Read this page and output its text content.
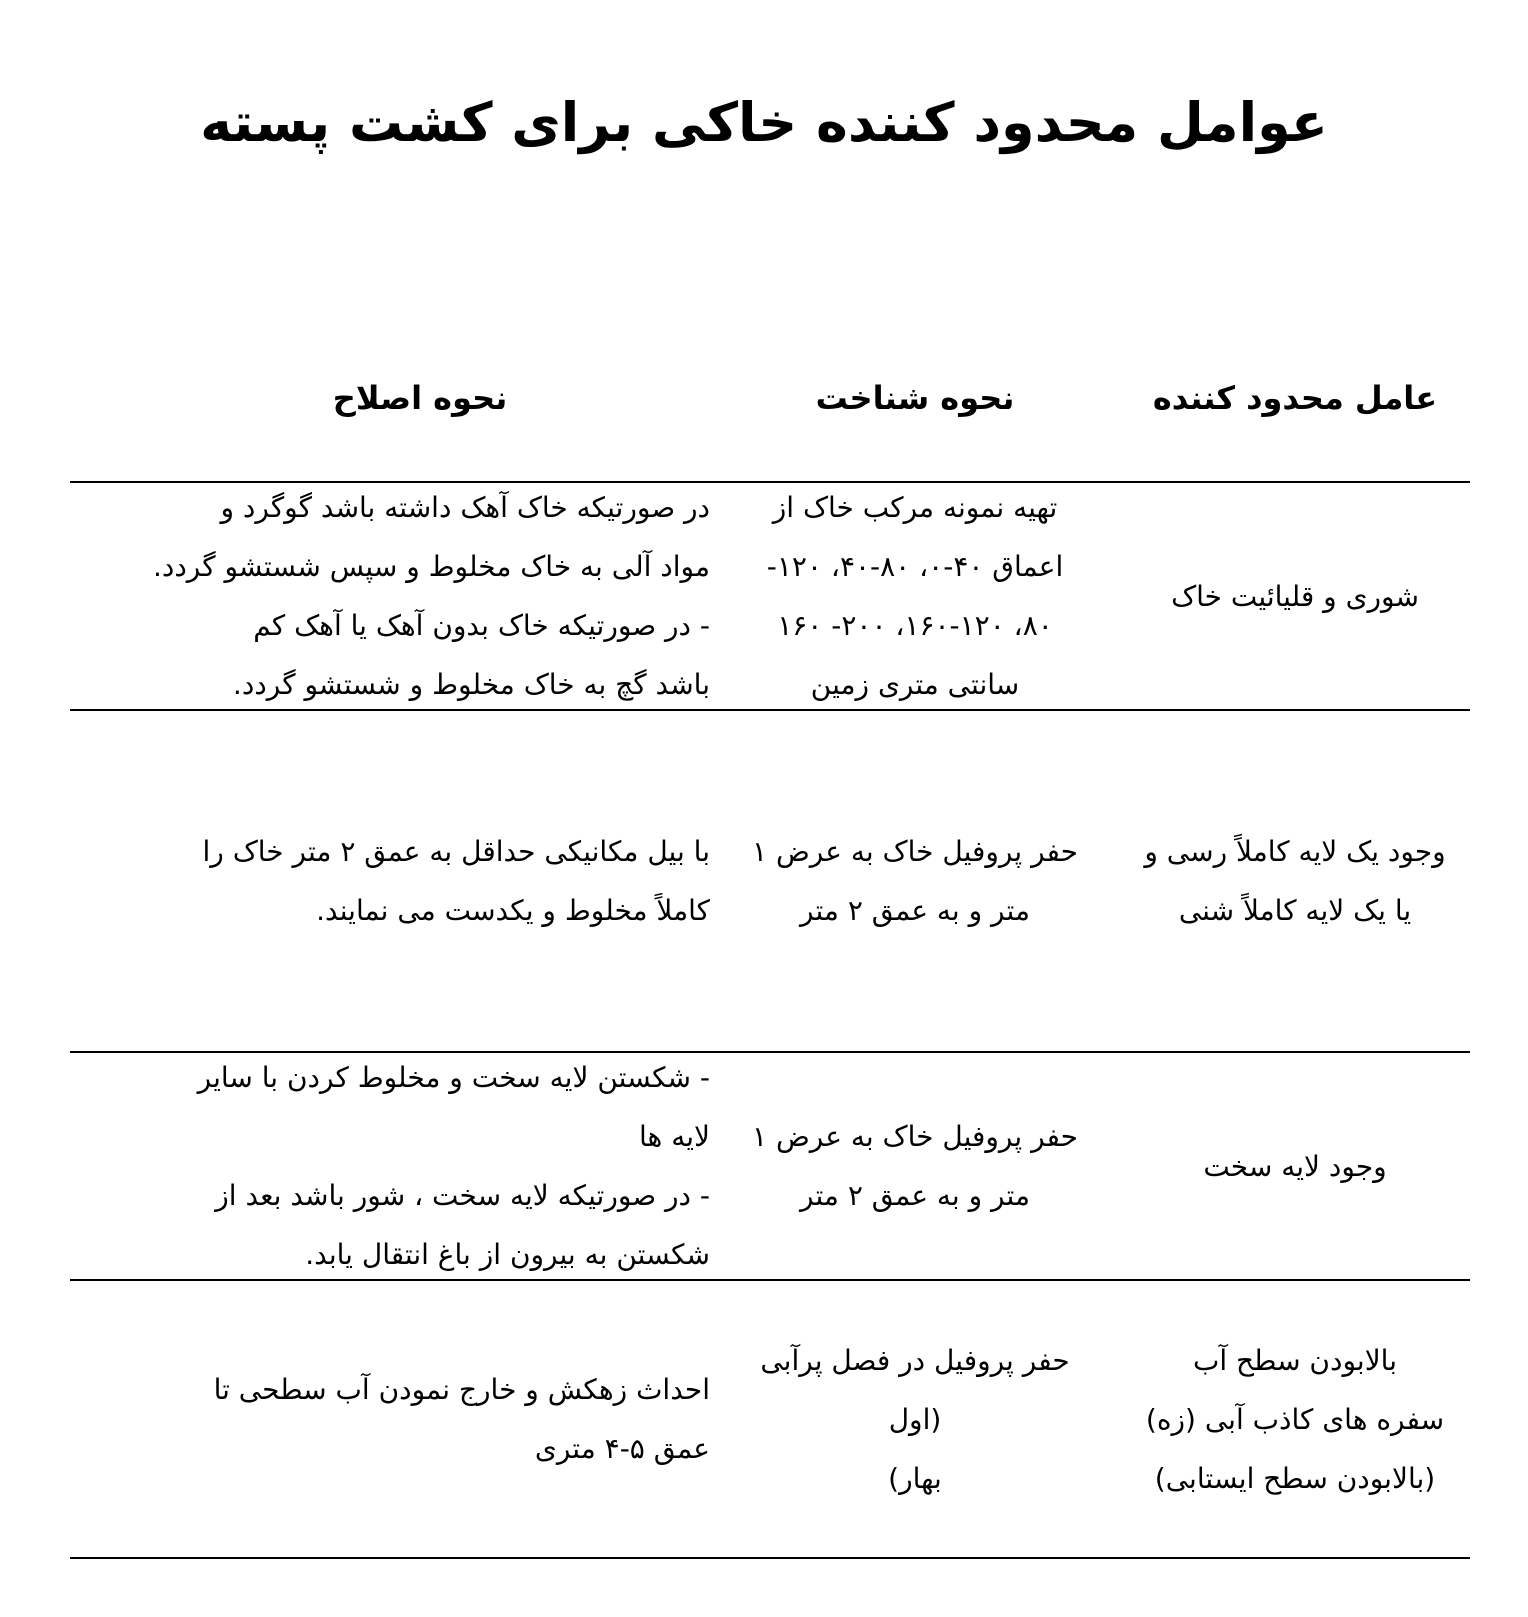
عوامل محدود کننده خاکی برای کشت پسته
عامل محدود کننده
نحوه شناخت
نحوه اصلاح
شوری و قلیائیت خاک
تهیه نمونه مرکب خاک از
اعماق ۴۰-۰، ۸۰-۴۰، ۱۲۰-
۸۰، ۱۶۰-۱۲۰، ۲۰۰- ۱۶۰
سانتی متری زمین
در صورتیکه خاک آهک داشته باشد گوگرد و
مواد آلی به خاک مخلوط و سپس شستشو گردد.
- در صورتیکه خاک بدون آهک یا آهک کم
باشد گچ به خاک مخلوط و شستشو گردد.
وجود یک لایه کاملاً رسی و
یا یک لایه کاملاً شنی
حفر پروفیل خاک به عرض ۱
متر و به عمق ۲ متر
با بیل مکانیکی حداقل به عمق ۲ متر خاک را
کاملاً مخلوط و یکدست می نمایند.
وجود لایه سخت
حفر پروفیل خاک به عرض ۱
متر و به عمق ۲ متر
- شکستن لایه سخت و مخلوط کردن با سایر
لایه ها
- در صورتیکه لایه سخت ، شور باشد بعد از
شکستن به بیرون از باغ انتقال یابد.
بالابودن سطح آب
سفره های کاذب آبی (زه)
(بالابودن سطح ایستابی)
حفر پروفیل در فصل پرآبی (اول
بهار)
احداث زهکش و خارج نمودن آب سطحی تا
عمق ۵-۴ متری
